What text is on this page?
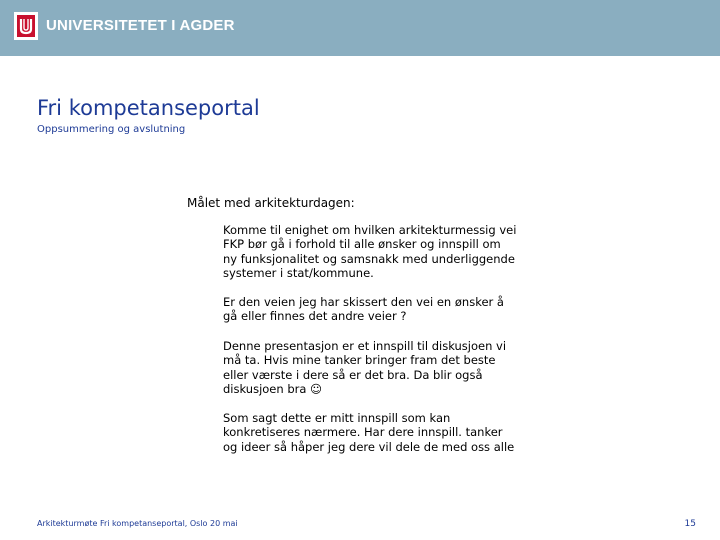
UNIVERSITETET I AGDER
Fri kompetanseportal
Oppsummering og avslutning
Målet med arkitekturdagen:
Komme til enighet om hvilken arkitekturmessig vei
FKP bør gå i forhold til alle ønsker og innspill om
ny funksjonalitet og samsnakk med underliggende
systemer i stat/kommune.
Er den veien jeg har skissert den vei en ønsker å
gå eller finnes det andre veier ?
Denne presentasjon er et innspill til diskusjoen vi
må ta. Hvis mine tanker bringer fram det beste
eller værste i dere så er det bra. Da blir også
diskusjoen bra ☺
Som sagt dette er mitt innspill som kan
konkretiseres nærmere. Har dere innspill. tanker
og ideer så håper jeg dere vil dele de med oss alle
Arkitekturmøte Fri kompetanseportal, Oslo 20 mai	15
